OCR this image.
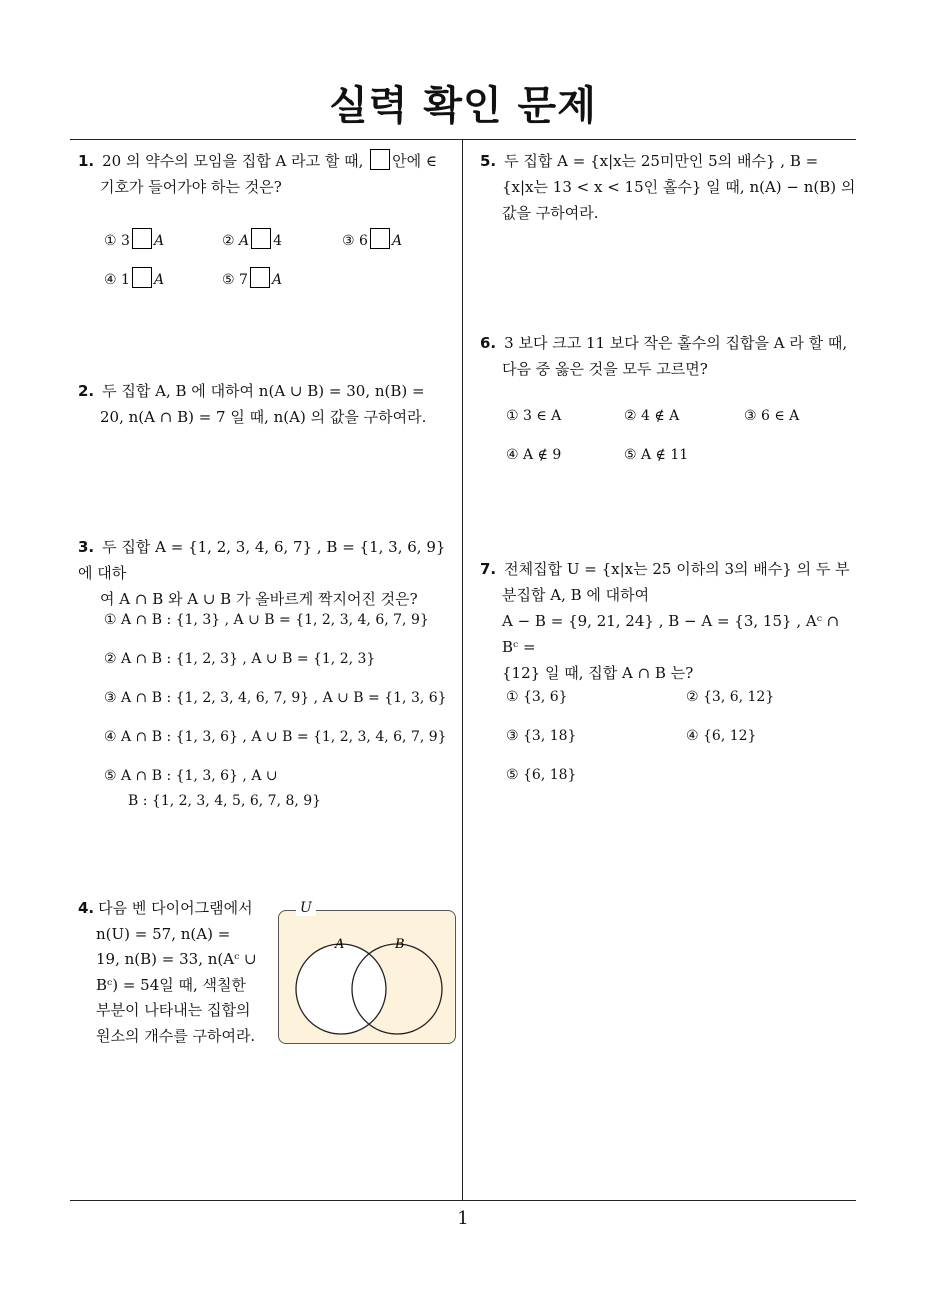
실력 확인 문제
1. 20 의 약수의 모임을 집합 A 라고 할 때, 안에 ∈
기호가 들어가야 하는 것은?
① 3 A	② A 4	③ 6 A
④ 1 A	⑤ 7 A
2. 두 집합 A, B 에 대하여 n(A ∪ B) = 30, n(B) =
20, n(A ∩ B) = 7 일 때, n(A) 의 값을 구하여라.
3. 두 집합 A = {1, 2, 3, 4, 6, 7} , B = {1, 3, 6, 9} 에 대하
여 A ∩ B 와 A ∪ B 가 올바르게 짝지어진 것은?
① A ∩ B : {1, 3} , A ∪ B = {1, 2, 3, 4, 6, 7, 9}
② A ∩ B : {1, 2, 3} , A ∪ B = {1, 2, 3}
③ A ∩ B : {1, 2, 3, 4, 6, 7, 9} , A ∪ B = {1, 3, 6}
④ A ∩ B : {1, 3, 6} , A ∪ B = {1, 2, 3, 4, 6, 7, 9}
⑤ A ∩ B : {1, 3, 6} , A ∪
B : {1, 2, 3, 4, 5, 6, 7, 8, 9}
4. 다음 벤 다이어그램에서
n(U) = 57, n(A) =
19, n(B) = 33, n(Aᶜ ∪
Bᶜ) = 54일 때, 색칠한
부분이 나타내는 집합의
원소의 개수를 구하여라.
A	B
U
5. 두 집합 A = {x|x는 25미만인 5의 배수} , B =
{x|x는 13 < x < 15인 홀수} 일 때, n(A) − n(B) 의
값을 구하여라.
6. 3 보다 크고 11 보다 작은 홀수의 집합을 A 라 할 때,
다음 중 옳은 것을 모두 고르면?
① 3 ∈ A	② 4 ∉ A	③ 6 ∈ A
④ A ∉ 9	⑤ A ∉ 11
7. 전체집합 U = {x|x는 25 이하의 3의 배수} 의 두 부
분집합 A, B 에 대하여
A − B = {9, 21, 24} , B − A = {3, 15} , Aᶜ ∩ Bᶜ =
{12} 일 때, 집합 A ∩ B 는?
① {3, 6}	② {3, 6, 12}
③ {3, 18}	④ {6, 12}
⑤ {6, 18}
1
